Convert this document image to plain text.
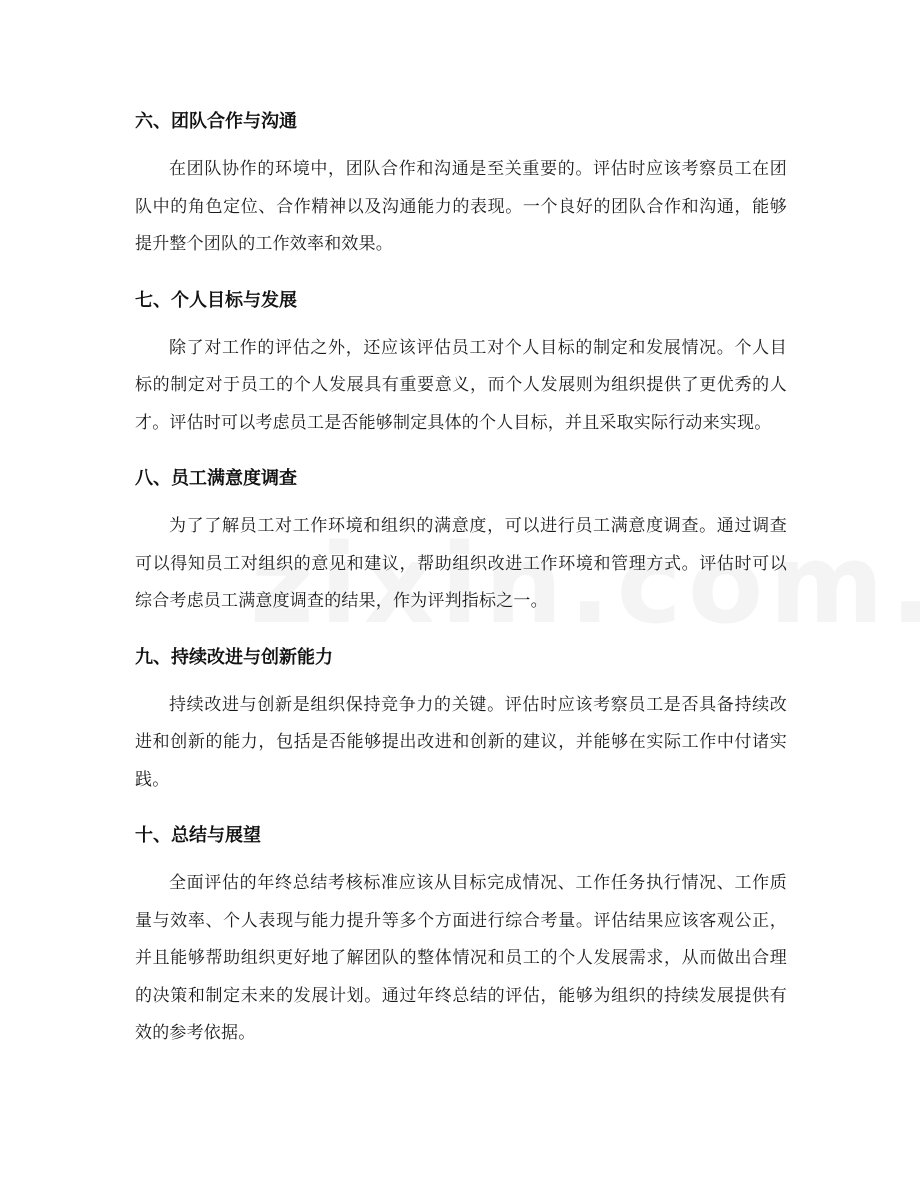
六、团队合作与沟通

在团队协作的环境中，团队合作和沟通是至关重要的。评估时应该考察员工在团队中的角色定位、合作精神以及沟通能力的表现。一个良好的团队合作和沟通，能够提升整个团队的工作效率和效果。

七、个人目标与发展

除了对工作的评估之外，还应该评估员工对个人目标的制定和发展情况。个人目标的制定对于员工的个人发展具有重要意义，而个人发展则为组织提供了更优秀的人才。评估时可以考虑员工是否能够制定具体的个人目标，并且采取实际行动来实现。

八、员工满意度调查

为了了解员工对工作环境和组织的满意度，可以进行员工满意度调查。通过调查可以得知员工对组织的意见和建议，帮助组织改进工作环境和管理方式。评估时可以综合考虑员工满意度调查的结果，作为评判指标之一。

九、持续改进与创新能力

持续改进与创新是组织保持竞争力的关键。评估时应该考察员工是否具备持续改进和创新的能力，包括是否能够提出改进和创新的建议，并能够在实际工作中付诸实践。

十、总结与展望

全面评估的年终总结考核标准应该从目标完成情况、工作任务执行情况、工作质量与效率、个人表现与能力提升等多个方面进行综合考量。评估结果应该客观公正，并且能够帮助组织更好地了解团队的整体情况和员工的个人发展需求，从而做出合理的决策和制定未来的发展计划。通过年终总结的评估，能够为组织的持续发展提供有效的参考依据。
